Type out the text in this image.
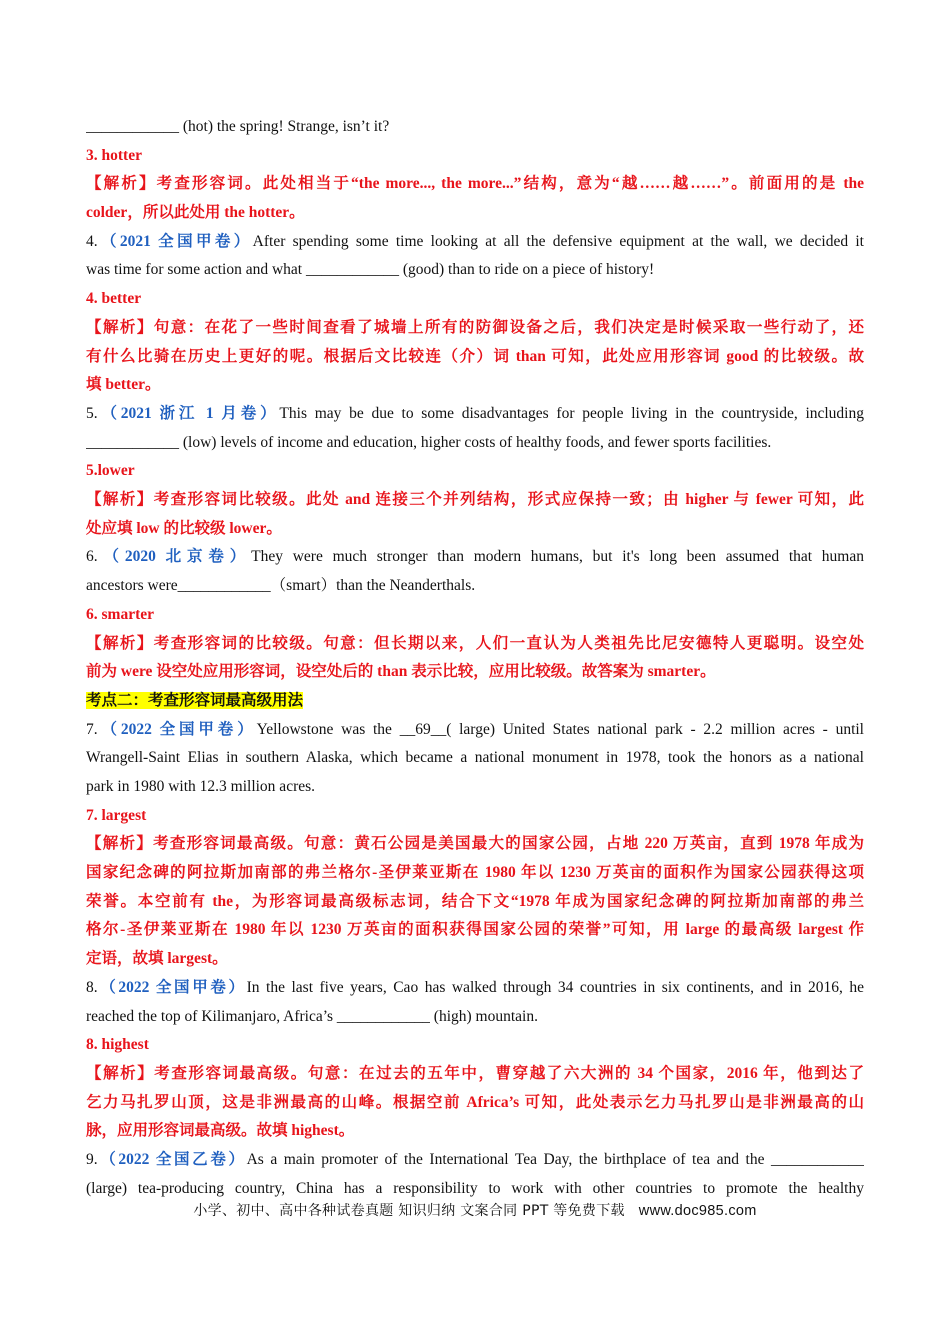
____________ (hot) the spring! Strange, isn’t it?
3. hotter
【解析】考查形容词。此处相当于“the more..., the more...”结构，意为“越……越……”。前面用的是 the
colder，所以此处用 the hotter。
4.（2021 全国甲卷）After spending some time looking at all the defensive equipment at the wall, we decided it
was time for some action and what ____________ (good) than to ride on a piece of history!
4. better
【解析】句意：在花了一些时间查看了城墙上所有的防御设备之后，我们决定是时候采取一些行动了，还
有什么比骑在历史上更好的呢。根据后文比较连（介）词 than 可知，此处应用形容词 good 的比较级。故
填 better。
5.（2021 浙江 1 月卷）This may be due to some disadvantages for people living in the countryside, including
____________ (low) levels of income and education, higher costs of healthy foods, and fewer sports facilities.
5.lower
【解析】考查形容词比较级。此处 and 连接三个并列结构，形式应保持一致；由 higher 与 fewer 可知，此
处应填 low 的比较级 lower。
6.（2020 北京卷）They were much stronger than modern humans, but it's long been assumed that human
ancestors were____________（smart）than the Neanderthals.
6. smarter
【解析】考查形容词的比较级。句意：但长期以来，人们一直认为人类祖先比尼安德特人更聪明。设空处
前为 were 设空处应用形容词，设空处后的 than 表示比较，应用比较级。故答案为 smarter。
考点二：考查形容词最高级用法
7.（2022 全国甲卷）Yellowstone was the __69__( large) United States national park - 2.2 million acres - until
Wrangell-Saint Elias in southern Alaska, which became a national monument in 1978, took the honors as a national
park in 1980 with 12.3 million acres.
7. largest
【解析】考查形容词最高级。句意：黄石公园是美国最大的国家公园，占地 220 万英亩，直到 1978 年成为
国家纪念碑的阿拉斯加南部的弗兰格尔-圣伊莱亚斯在 1980 年以 1230 万英亩的面积作为国家公园获得这项
荣誉。本空前有 the，为形容词最高级标志词，结合下文“1978 年成为国家纪念碑的阿拉斯加南部的弗兰
格尔-圣伊莱亚斯在 1980 年以 1230 万英亩的面积获得国家公园的荣誉”可知，用 large 的最高级 largest 作
定语，故填 largest。
8.（2022 全国甲卷）In the last five years, Cao has walked through 34 countries in six continents, and in 2016, he
reached the top of Kilimanjaro, Africa’s ____________ (high) mountain.
8. highest
【解析】考查形容词最高级。句意：在过去的五年中，曹穿越了六大洲的 34 个国家，2016 年，他到达了
乞力马扎罗山顶，这是非洲最高的山峰。根据空前 Africa’s 可知，此处表示乞力马扎罗山是非洲最高的山
脉，应用形容词最高级。故填 highest。
9.（2022 全国乙卷）As a main promoter of the International Tea Day, the birthplace of tea and the ____________
(large) tea-producing country, China has a responsibility to work with other countries to promote the healthy
小学、初中、高中各种试卷真题 知识归纳 文案合同 PPT 等免费下载 www.doc985.com
